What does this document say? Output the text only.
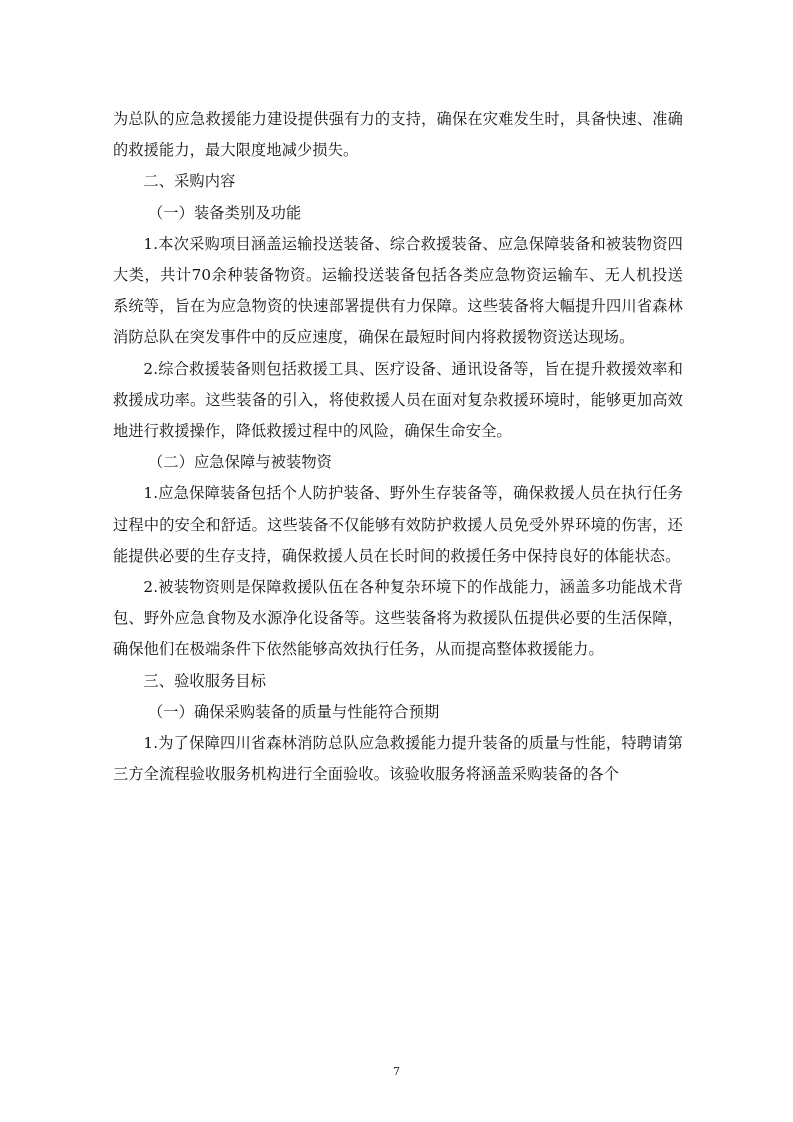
为总队的应急救援能力建设提供强有力的支持，确保在灾难发生时，具备快速、准确的救援能力，最大限度地减少损失。

二、采购内容

（一）装备类别及功能

1.本次采购项目涵盖运输投送装备、综合救援装备、应急保障装备和被装物资四大类，共计70余种装备物资。运输投送装备包括各类应急物资运输车、无人机投送系统等，旨在为应急物资的快速部署提供有力保障。这些装备将大幅提升四川省森林消防总队在突发事件中的反应速度，确保在最短时间内将救援物资送达现场。

2.综合救援装备则包括救援工具、医疗设备、通讯设备等，旨在提升救援效率和救援成功率。这些装备的引入，将使救援人员在面对复杂救援环境时，能够更加高效地进行救援操作，降低救援过程中的风险，确保生命安全。

（二）应急保障与被装物资

1.应急保障装备包括个人防护装备、野外生存装备等，确保救援人员在执行任务过程中的安全和舒适。这些装备不仅能够有效防护救援人员免受外界环境的伤害，还能提供必要的生存支持，确保救援人员在长时间的救援任务中保持良好的体能状态。

2.被装物资则是保障救援队伍在各种复杂环境下的作战能力，涵盖多功能战术背包、野外应急食物及水源净化设备等。这些装备将为救援队伍提供必要的生活保障，确保他们在极端条件下依然能够高效执行任务，从而提高整体救援能力。

三、验收服务目标

（一）确保采购装备的质量与性能符合预期

1.为了保障四川省森林消防总队应急救援能力提升装备的质量与性能，特聘请第三方全流程验收服务机构进行全面验收。该验收服务将涵盖采购装备的各个

7
